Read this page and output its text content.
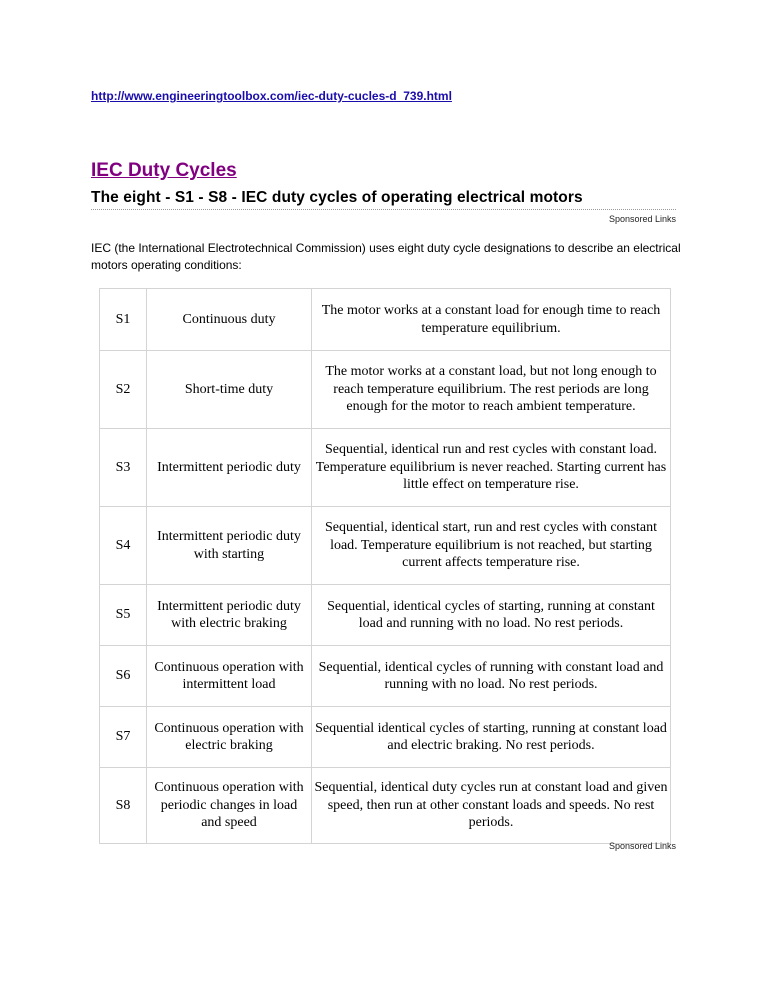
http://www.engineeringtoolbox.com/iec-duty-cucles-d_739.html
IEC Duty Cycles
The eight - S1 - S8 - IEC duty cycles of operating electrical motors
Sponsored Links

IEC (the International Electrotechnical Commission) uses eight duty cycle designations to describe an electrical motors operating conditions:

S1	Continuous duty	The motor works at a constant load for enough time to reach temperature equilibrium.
S2	Short-time duty	The motor works at a constant load, but not long enough to reach temperature equilibrium. The rest periods are long enough for the motor to reach ambient temperature.
S3	Intermittent periodic duty	Sequential, identical run and rest cycles with constant load. Temperature equilibrium is never reached. Starting current has little effect on temperature rise.
S4	Intermittent periodic duty with starting	Sequential, identical start, run and rest cycles with constant load. Temperature equilibrium is not reached, but starting current affects temperature rise.
S5	Intermittent periodic duty with electric braking	Sequential, identical cycles of starting, running at constant load and running with no load. No rest periods.
S6	Continuous operation with intermittent load	Sequential, identical cycles of running with constant load and running with no load. No rest periods.
S7	Continuous operation with electric braking	Sequential identical cycles of starting, running at constant load and electric braking. No rest periods.
S8	Continuous operation with periodic changes in load and speed	Sequential, identical duty cycles run at constant load and given speed, then run at other constant loads and speeds. No rest periods.
Sponsored Links
